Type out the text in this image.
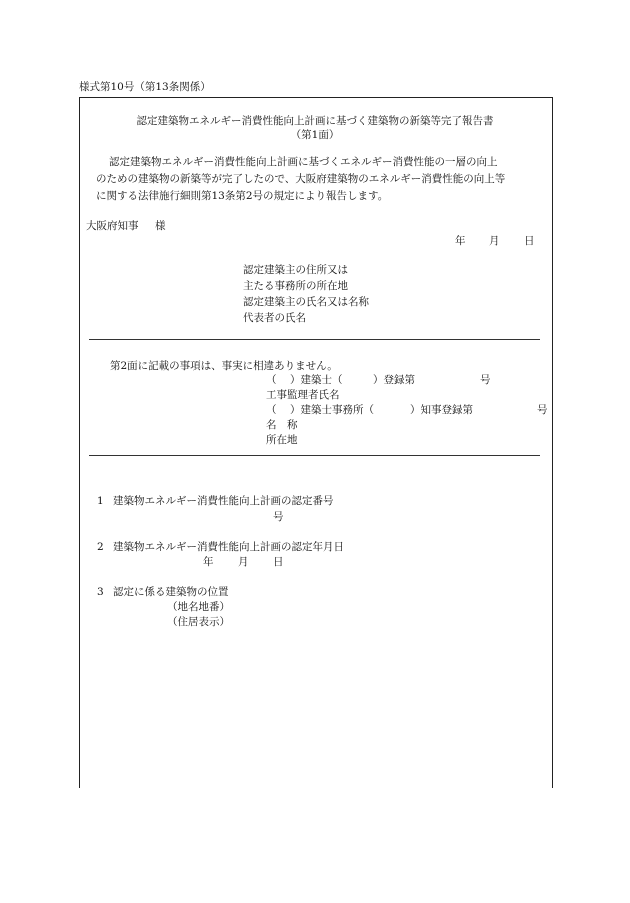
様式第10号（第13条関係）
認定建築物エネルギー消費性能向上計画に基づく建築物の新築等完了報告書
（第1面）
認定建築物エネルギー消費性能向上計画に基づくエネルギー消費性能の一層の向上
のための建築物の新築等が完了したので、大阪府建築物のエネルギー消費性能の向上等
に関する法律施行細則第13条第2号の規定により報告します。
大阪府知事 様
年 月 日
認定建築主の住所又は
主たる事務所の所在地
認定建築主の氏名又は名称
代表者の氏名
第2面に記載の事項は、事実に相違ありません。
（ ）建築士（	）登録第	号
工事監理者氏名
（ ）建築士事務所（	）知事登録第	号
名　称
所在地
1 建築物エネルギー消費性能向上計画の認定番号
号
2 建築物エネルギー消費性能向上計画の認定年月日
年 月 日
3 認定に係る建築物の位置
（地名地番）
（住居表示）
